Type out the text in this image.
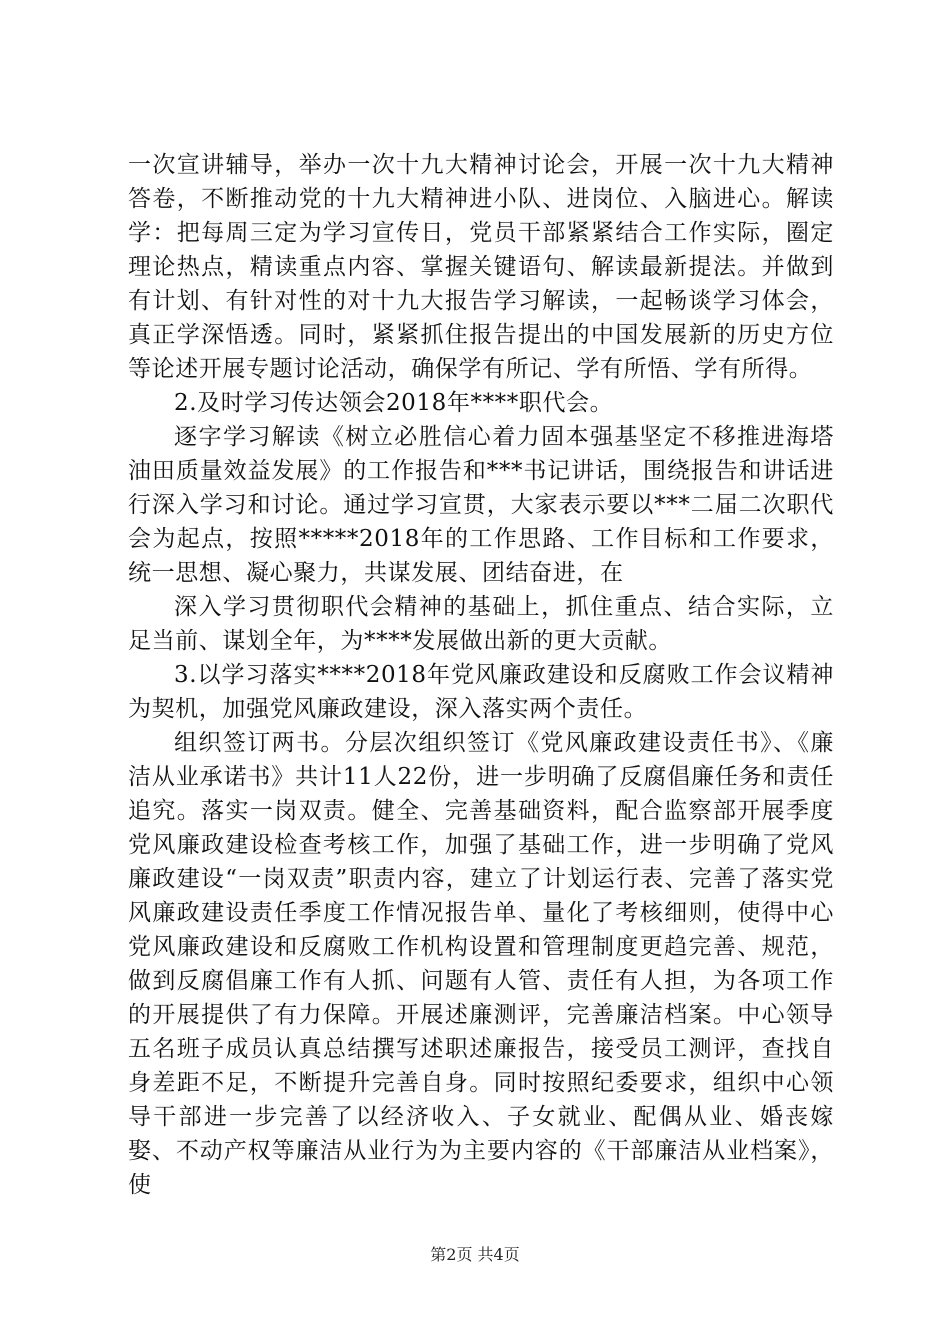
一次宣讲辅导，举办一次十九大精神讨论会，开展一次十九大精神答卷，不断推动党的十九大精神进小队、进岗位、入脑进心。解读学：把每周三定为学习宣传日，党员干部紧紧结合工作实际，圈定理论热点，精读重点内容、掌握关键语句、解读最新提法。并做到有计划、有针对性的对十九大报告学习解读，一起畅谈学习体会，真正学深悟透。同时，紧紧抓住报告提出的中国发展新的历史方位等论述开展专题讨论活动，确保学有所记、学有所悟、学有所得。

2.及时学习传达领会2018年****职代会。

逐字学习解读《树立必胜信心着力固本强基坚定不移推进海塔油田质量效益发展》的工作报告和***书记讲话，围绕报告和讲话进行深入学习和讨论。通过学习宣贯，大家表示要以***二届二次职代会为起点，按照*****2018年的工作思路、工作目标和工作要求，统一思想、凝心聚力，共谋发展、团结奋进，在

深入学习贯彻职代会精神的基础上，抓住重点、结合实际，立足当前、谋划全年，为****发展做出新的更大贡献。

3.以学习落实****2018年党风廉政建设和反腐败工作会议精神为契机，加强党风廉政建设，深入落实两个责任。

组织签订两书。分层次组织签订《党风廉政建设责任书》、《廉洁从业承诺书》共计11人22份，进一步明确了反腐倡廉任务和责任追究。落实一岗双责。健全、完善基础资料，配合监察部开展季度党风廉政建设检查考核工作，加强了基础工作，进一步明确了党风廉政建设“一岗双责”职责内容，建立了计划运行表、完善了落实党风廉政建设责任季度工作情况报告单、量化了考核细则，使得中心党风廉政建设和反腐败工作机构设置和管理制度更趋完善、规范，做到反腐倡廉工作有人抓、问题有人管、责任有人担，为各项工作的开展提供了有力保障。开展述廉测评，完善廉洁档案。中心领导五名班子成员认真总结撰写述职述廉报告，接受员工测评，查找自身差距不足，不断提升完善自身。同时按照纪委要求，组织中心领导干部进一步完善了以经济收入、子女就业、配偶从业、婚丧嫁娶、不动产权等廉洁从业行为为主要内容的《干部廉洁从业档案》，使

第2页 共4页
